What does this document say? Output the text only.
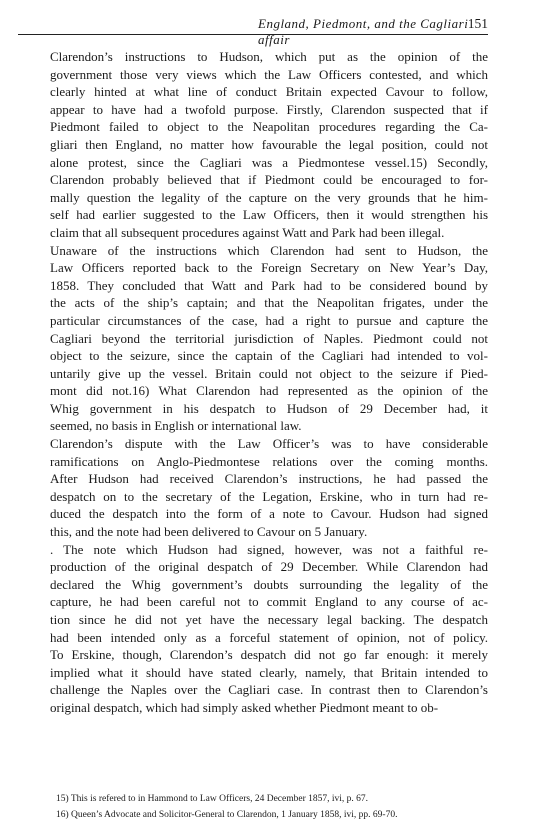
England, Piedmont, and the Cagliari affair
151

Clarendon’s instructions to Hudson, which put as the opinion of the
government those very views which the Law Officers contested, and which
clearly hinted at what line of conduct Britain expected Cavour to follow,
appear to have had a twofold purpose. Firstly, Clarendon suspected that if
Piedmont failed to object to the Neapolitan procedures regarding the Ca-
gliari then England, no matter how favourable the legal position, could not
alone protest, since the Cagliari was a Piedmontese vessel.15) Secondly,
Clarendon probably believed that if Piedmont could be encouraged to for-
mally question the legality of the capture on the very grounds that he him-
self had earlier suggested to the Law Officers, then it would strengthen his
claim that all subsequent procedures against Watt and Park had been illegal.

Unaware of the instructions which Clarendon had sent to Hudson, the
Law Officers reported back to the Foreign Secretary on New Year’s Day,
1858. They concluded that Watt and Park had to be considered bound by
the acts of the ship’s captain; and that the Neapolitan frigates, under the
particular circumstances of the case, had a right to pursue and capture the
Cagliari beyond the territorial jurisdiction of Naples. Piedmont could not
object to the seizure, since the captain of the Cagliari had intended to vol-
untarily give up the vessel. Britain could not object to the seizure if Pied-
mont did not.16) What Clarendon had represented as the opinion of the
Whig government in his despatch to Hudson of 29 December had, it
seemed, no basis in English or international law.

Clarendon’s dispute with the Law Officer’s was to have considerable
ramifications on Anglo-Piedmontese relations over the coming months.
After Hudson had received Clarendon’s instructions, he had passed the
despatch on to the secretary of the Legation, Erskine, who in turn had re-
duced the despatch into the form of a note to Cavour. Hudson had signed
this, and the note had been delivered to Cavour on 5 January.

. The note which Hudson had signed, however, was not a faithful re-
production of the original despatch of 29 December. While Clarendon had
declared the Whig government’s doubts surrounding the legality of the
capture, he had been careful not to commit England to any course of ac-
tion since he did not yet have the necessary legal backing. The despatch
had been intended only as a forceful statement of opinion, not of policy.
To Erskine, though, Clarendon’s despatch did not go far enough: it merely
implied what it should have stated clearly, namely, that Britain intended to
challenge the Naples over the Cagliari case. In contrast then to Clarendon’s
original despatch, which had simply asked whether Piedmont meant to ob-

15) This is refered to in Hammond to Law Officers, 24 December 1857, ivi, p. 67.
16) Queen’s Advocate and Solicitor-General to Clarendon, 1 January 1858, ivi, pp. 69-70.
